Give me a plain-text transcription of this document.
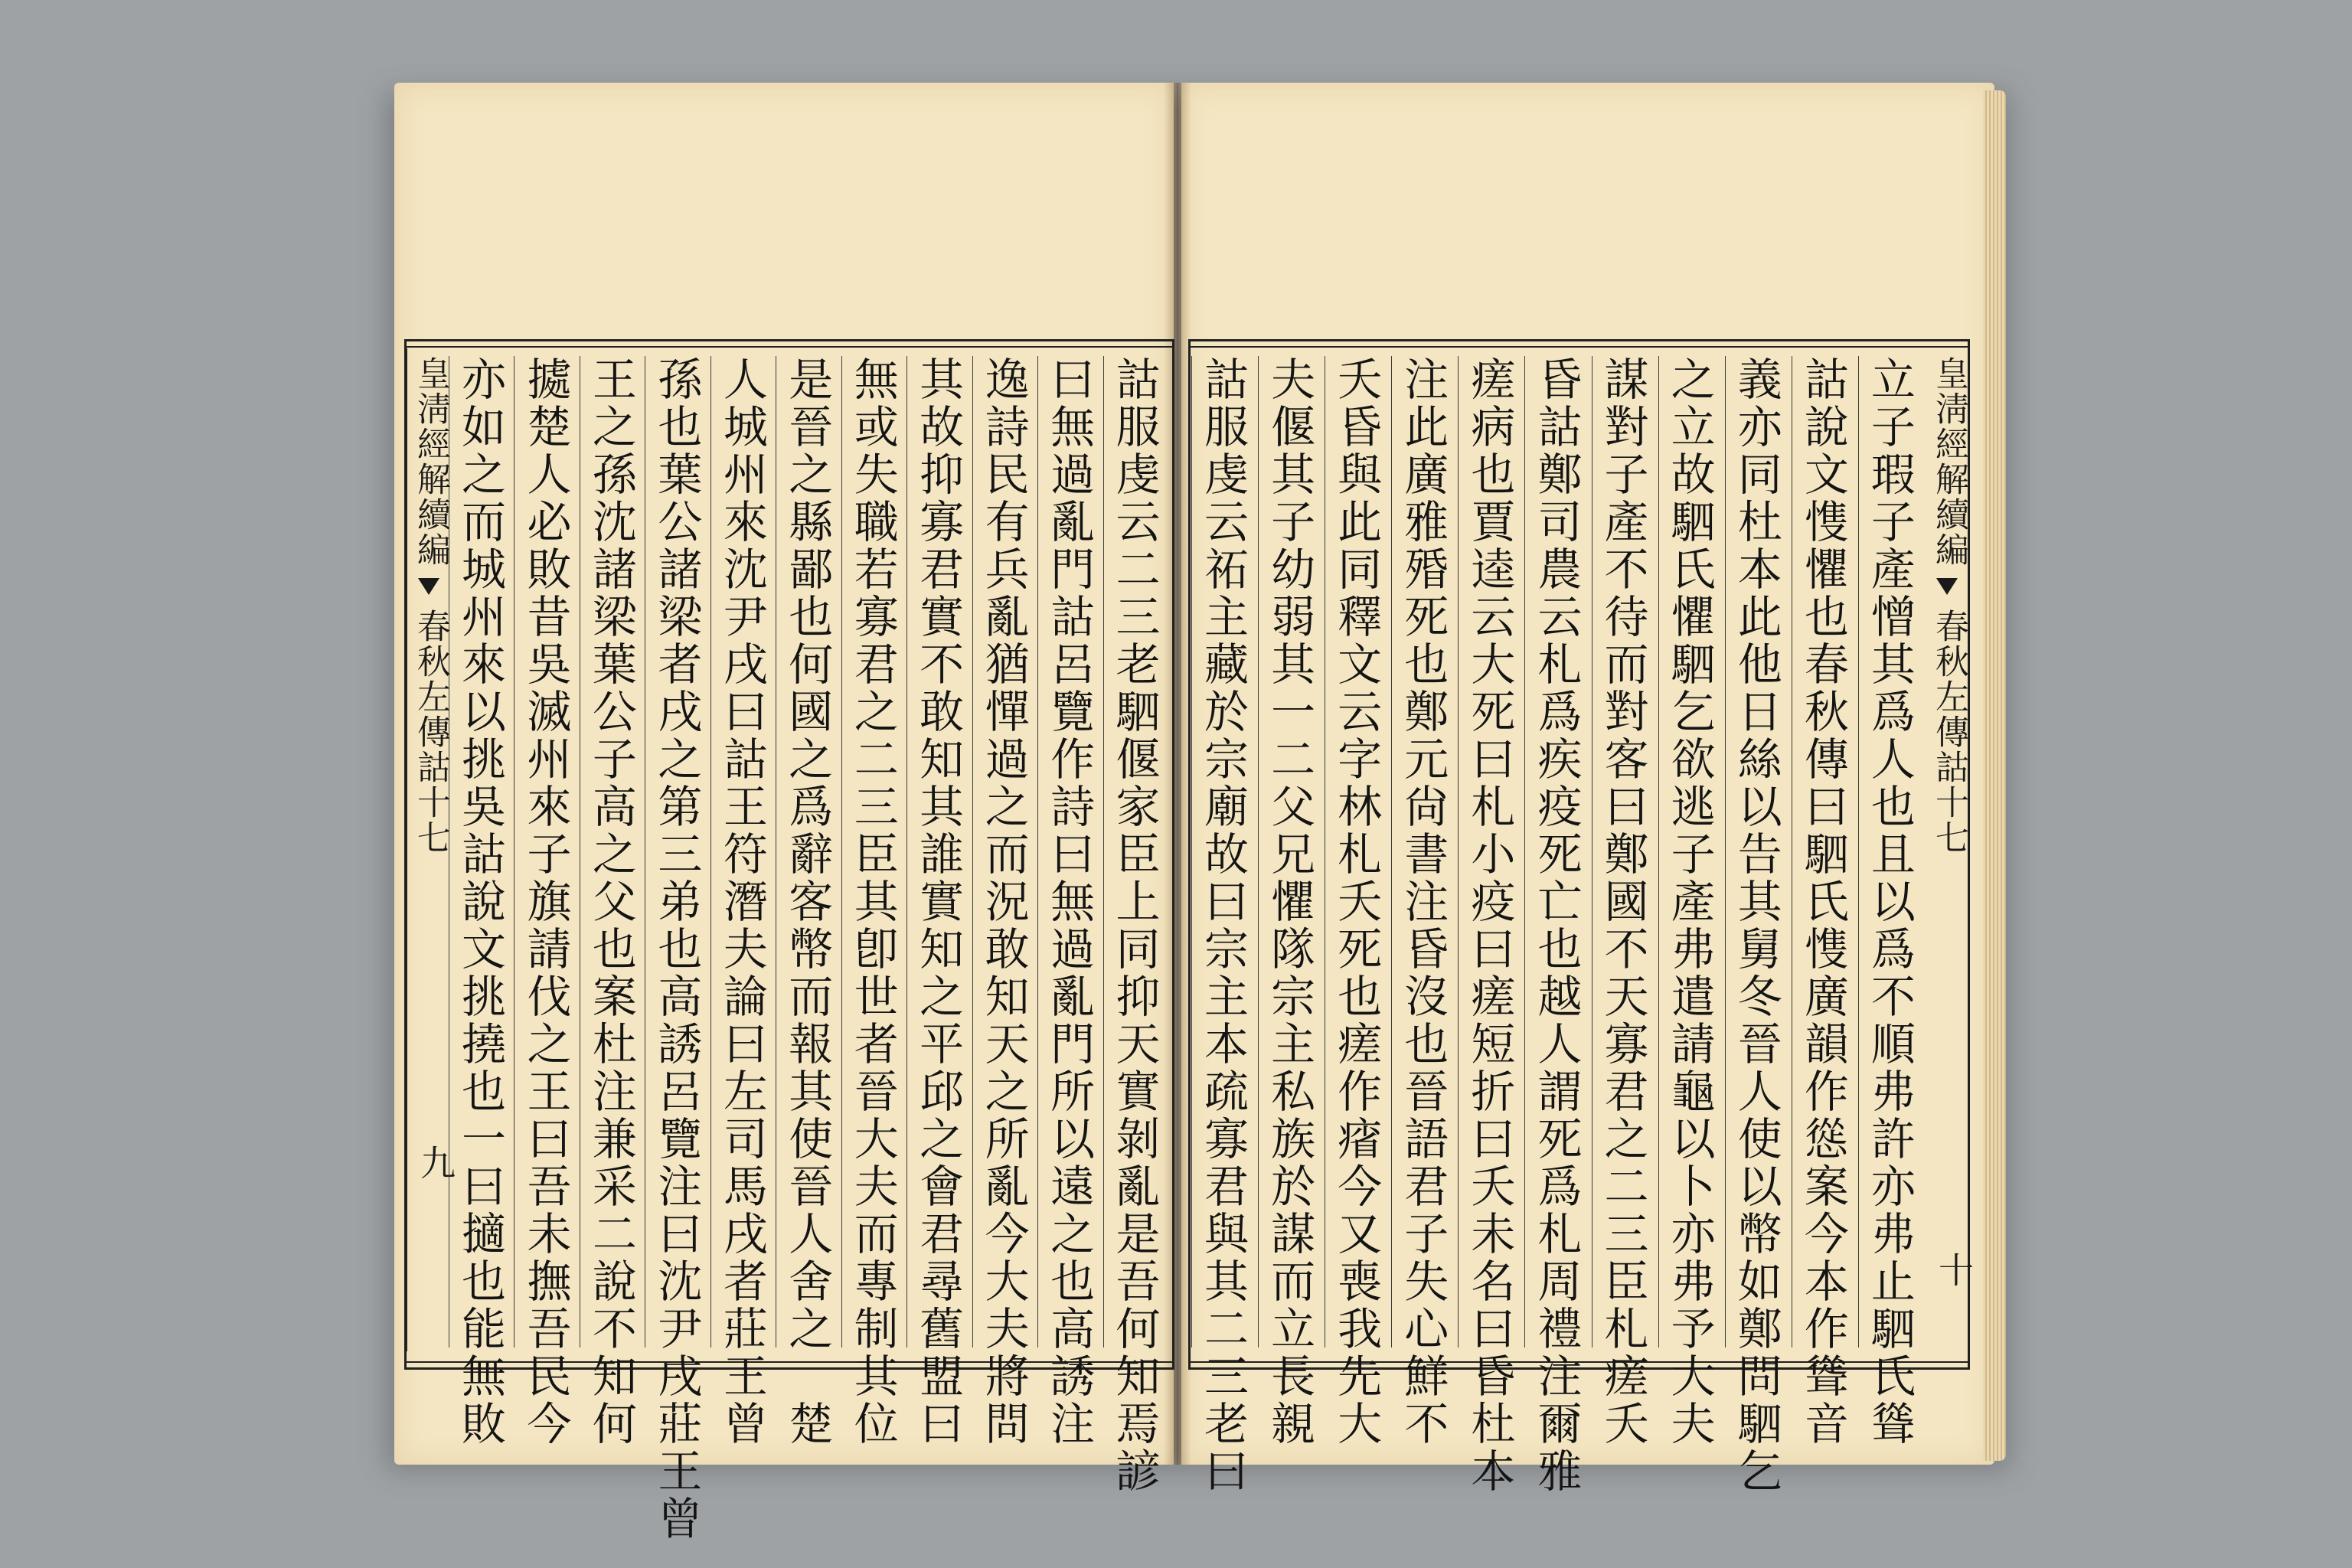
皇淸經解續編
春秋左傳詁十七
九
亦如之而城州來以挑吳詁說文挑撓也一曰擿也能無敗 㨿楚人必敗昔吳滅州來子旗請伐之王曰吾未撫吾民今 王之孫沈諸梁葉公子高之父也案杜注兼采二說不知何 孫也葉公諸梁者戌之第三弟也高誘呂覽注曰沈尹戌莊王曾 人城州來沈尹戌曰詁王符潛夫論曰左司馬戌者莊王曾 是晉之縣鄙也何國之爲辭客幣而報其使晉人舍之　楚 無或失職若寡君之二三臣其卽世者晉大夫而專制其位 其故抑寡君實不敢知其誰實知之平邱之會君尋舊盟曰 逸詩民有兵亂猶憚過之而況敢知天之所亂今大夫將問 曰無過亂門詁呂覽作詩曰無過亂門所以遠之也高誘注 詁服虔云二三老駟偃家臣上同抑天實剝亂是吾何知焉諺	皇淸經解續編
春秋左傳詁十七
十
立子瑕子產憎其爲人也且以爲不順弗許亦弗止駟氏聳
詁說文愯懼也春秋傳曰駟氏愯廣韻作慫案今本作聳音
義亦同杜本此他日絲以告其舅冬晉人使以幣如鄭問駟乞
之立故駟氏懼駟乞欲逃子產弗遣請龜以卜亦弗予大夫
謀對子產不待而對客曰鄭國不天寡君之二三臣札瘥夭
昏詁鄭司農云札爲疾疫死亡也越人謂死爲札周禮注爾雅
瘥病也賈逵云大死曰札小疫曰瘥短折曰夭未名曰昏杜本
注此廣雅殙死也鄭元尙書注昏沒也晉語君子失心鮮不
夭昏與此同釋文云字林札夭死也瘥作㾪今又喪我先大
夫偃其子幼弱其一二父兄懼隊宗主私族於謀而立長親
詁服虔云祏主藏於宗廟故曰宗主本疏寡君與其二三老曰
